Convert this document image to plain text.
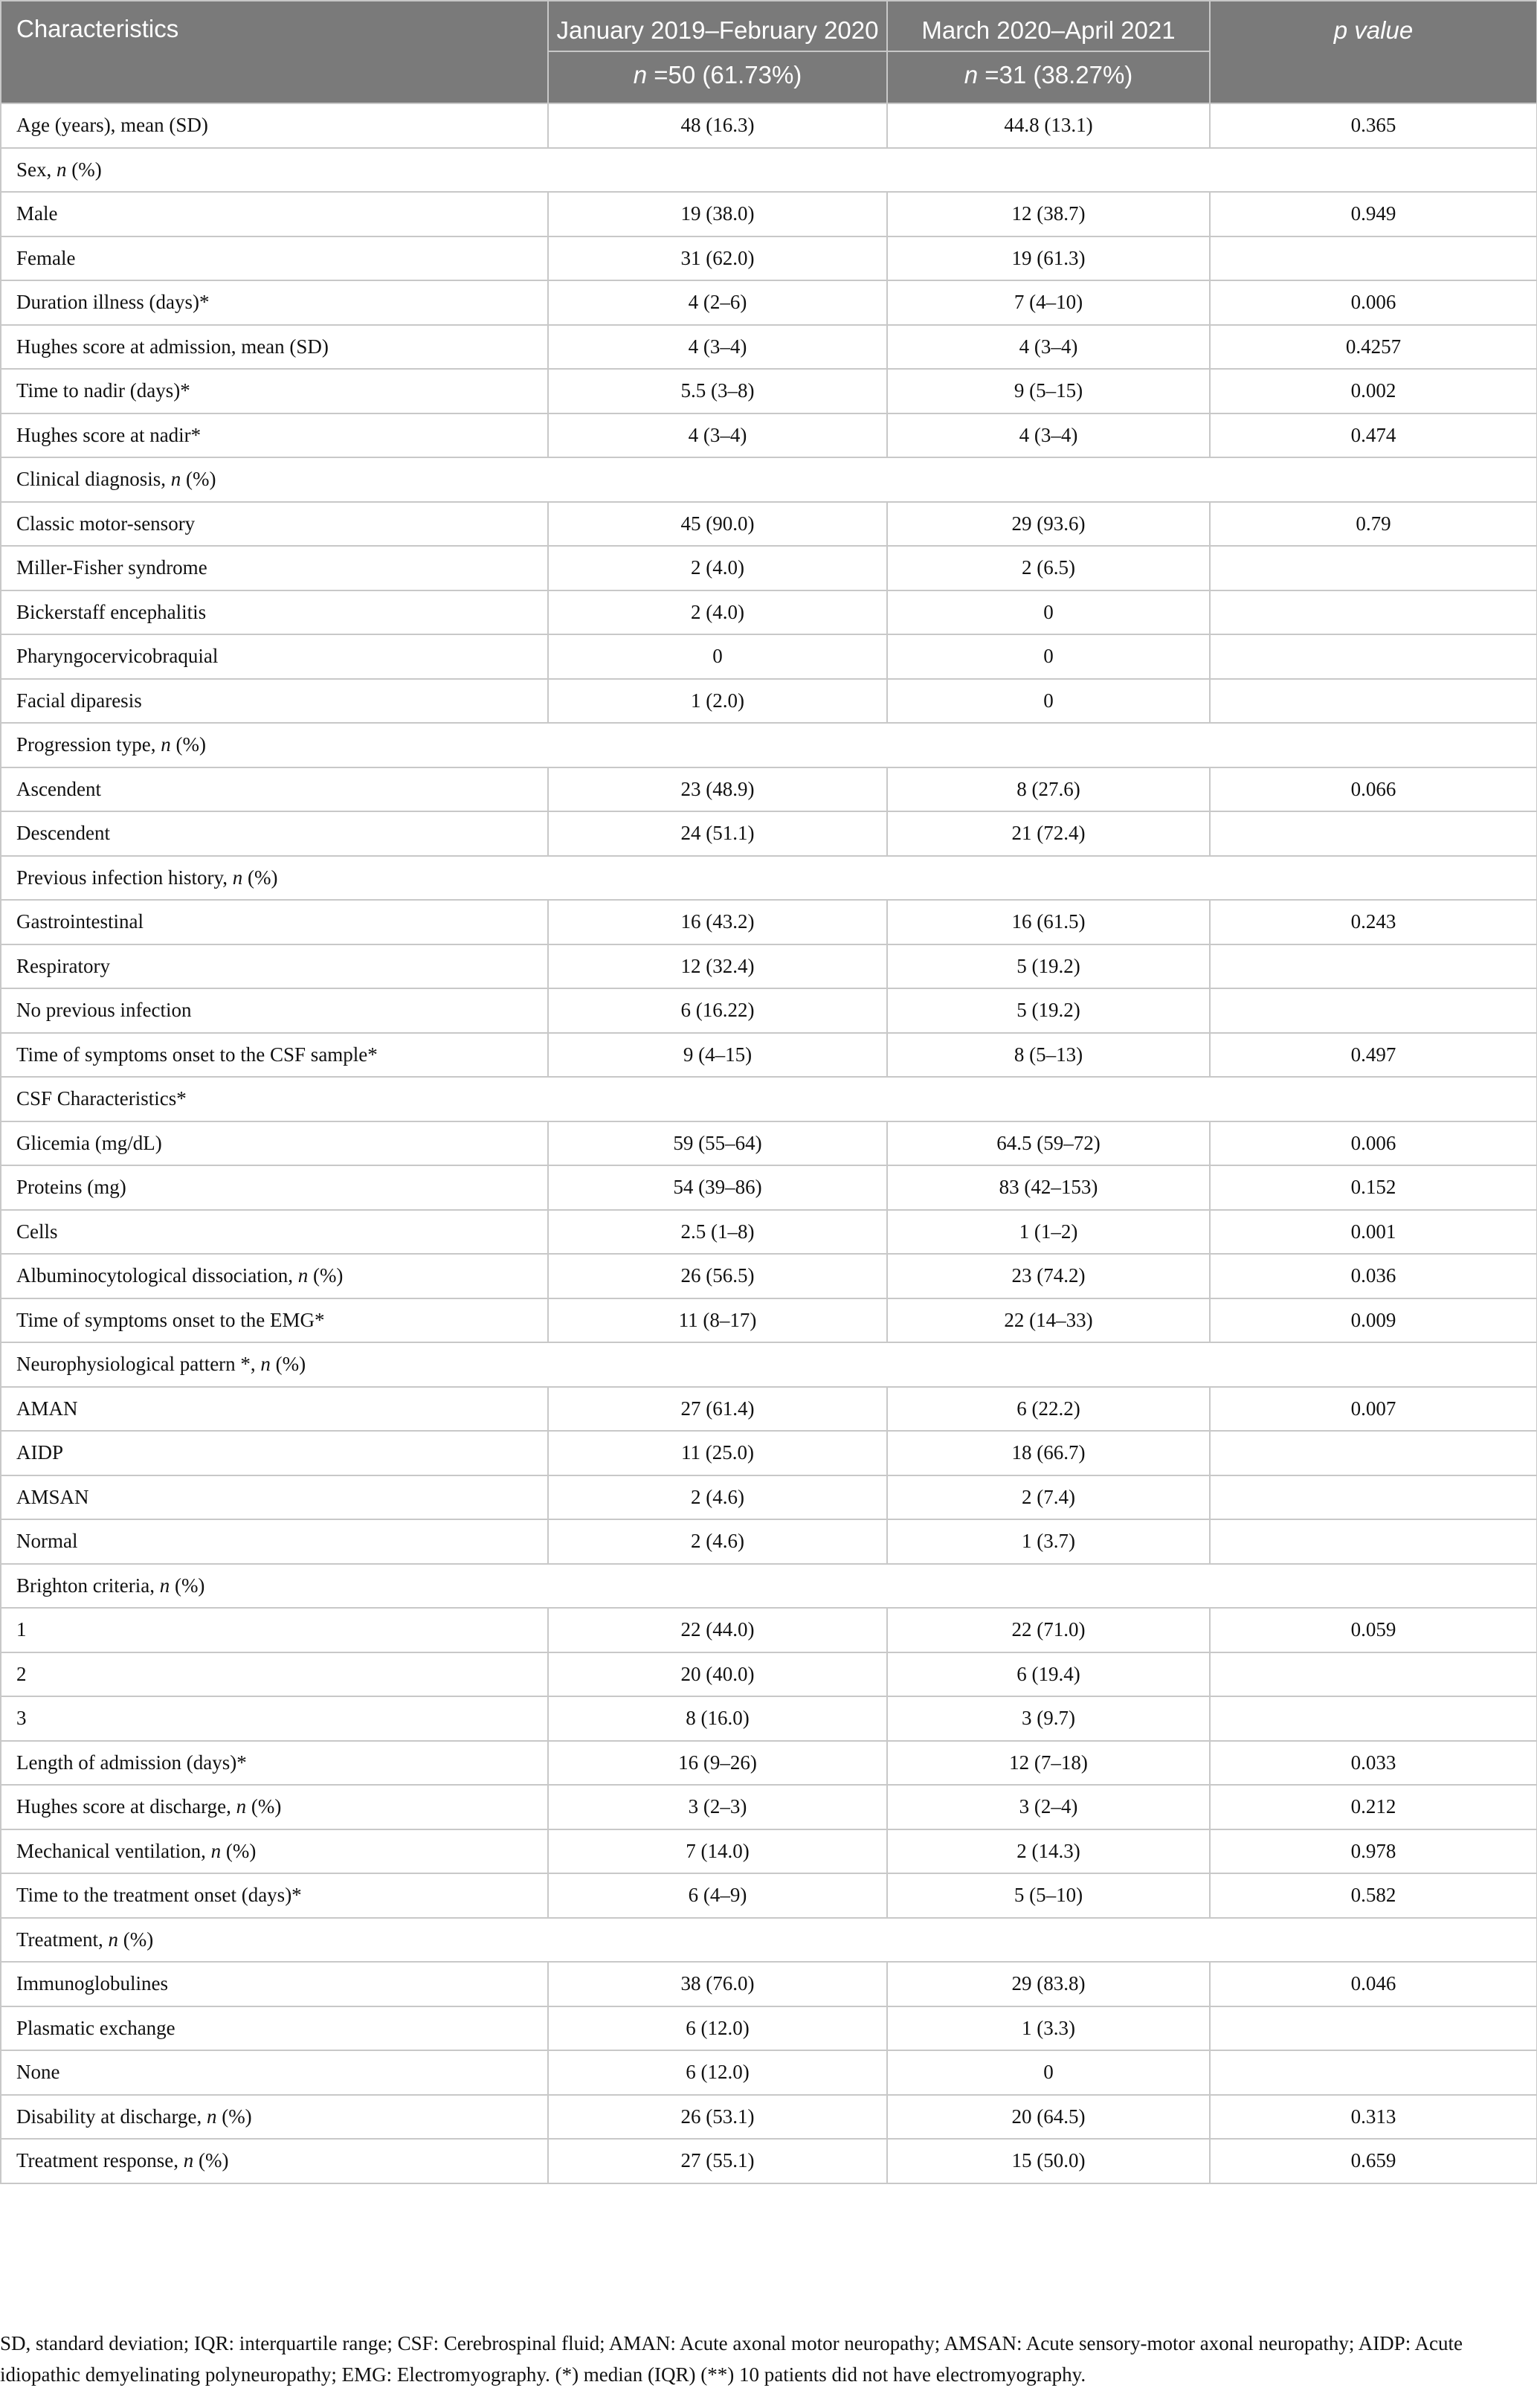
Characteristics	January 2019–February 2020	March 2020–April 2021	p value
	n =50 (61.73%)	n =31 (38.27%)	
Age (years), mean (SD)	48 (16.3)	44.8 (13.1)	0.365
Sex, n (%)			
Male	19 (38.0)	12 (38.7)	0.949
Female	31 (62.0)	19 (61.3)	
Duration illness (days)*	4 (2–6)	7 (4–10)	0.006
Hughes score at admission, mean (SD)	4 (3–4)	4 (3–4)	0.4257
Time to nadir (days)*	5.5 (3–8)	9 (5–15)	0.002
Hughes score at nadir*	4 (3–4)	4 (3–4)	0.474
Clinical diagnosis, n (%)			
Classic motor-sensory	45 (90.0)	29 (93.6)	0.79
Miller-Fisher syndrome	2 (4.0)	2 (6.5)	
Bickerstaff encephalitis	2 (4.0)	0	
Pharyngocervicobraquial	0	0	
Facial diparesis	1 (2.0)	0	
Progression type, n (%)			
Ascendent	23 (48.9)	8 (27.6)	0.066
Descendent	24 (51.1)	21 (72.4)	
Previous infection history, n (%)			
Gastrointestinal	16 (43.2)	16 (61.5)	0.243
Respiratory	12 (32.4)	5 (19.2)	
No previous infection	6 (16.22)	5 (19.2)	
Time of symptoms onset to the CSF sample*	9 (4–15)	8 (5–13)	0.497
CSF Characteristics*			
Glicemia (mg/dL)	59 (55–64)	64.5 (59–72)	0.006
Proteins (mg)	54 (39–86)	83 (42–153)	0.152
Cells	2.5 (1–8)	1 (1–2)	0.001
Albuminocytological dissociation, n (%)	26 (56.5)	23 (74.2)	0.036
Time of symptoms onset to the EMG*	11 (8–17)	22 (14–33)	0.009
Neurophysiological pattern *, n (%)			
AMAN	27 (61.4)	6 (22.2)	0.007
AIDP	11 (25.0)	18 (66.7)	
AMSAN	2 (4.6)	2 (7.4)	
Normal	2 (4.6)	1 (3.7)	
Brighton criteria, n (%)			
1	22 (44.0)	22 (71.0)	0.059
2	20 (40.0)	6 (19.4)	
3	8 (16.0)	3 (9.7)	
Length of admission (days)*	16 (9–26)	12 (7–18)	0.033
Hughes score at discharge, n (%)	3 (2–3)	3 (2–4)	0.212
Mechanical ventilation, n (%)	7 (14.0)	2 (14.3)	0.978
Time to the treatment onset (days)*	6 (4–9)	5 (5–10)	0.582
Treatment, n (%)			
Immunoglobulines	38 (76.0)	29 (83.8)	0.046
Plasmatic exchange	6 (12.0)	1 (3.3)	
None	6 (12.0)	0	
Disability at discharge, n (%)	26 (53.1)	20 (64.5)	0.313
Treatment response, n (%)	27 (55.1)	15 (50.0)	0.659
SD, standard deviation; IQR: interquartile range; CSF: Cerebrospinal fluid; AMAN: Acute axonal motor neuropathy; AMSAN: Acute sensory-motor axonal neuropathy; AIDP: Acute idiopathic demyelinating polyneuropathy; EMG: Electromyography. (*) median (IQR) (**) 10 patients did not have electromyography.
